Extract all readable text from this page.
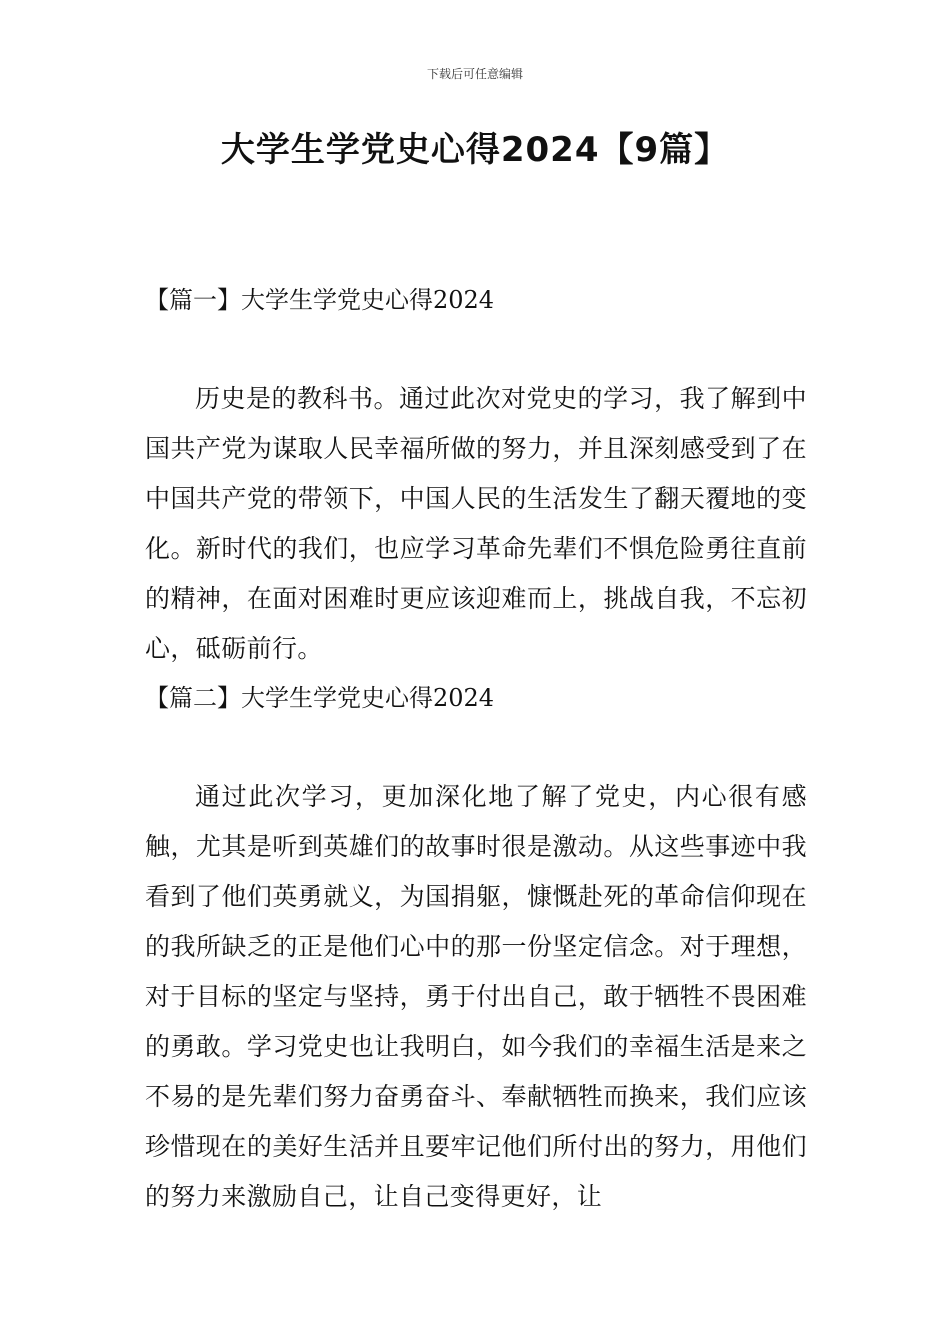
下载后可任意编辑
大学生学党史心得2024【9篇】
【篇一】大学生学党史心得2024

历史是的教科书。通过此次对党史的学习，我了解到中国共产党为谋取人民幸福所做的努力，并且深刻感受到了在中国共产党的带领下，中国人民的生活发生了翻天覆地的变化。新时代的我们，也应学习革命先辈们不惧危险勇往直前的精神，在面对困难时更应该迎难而上，挑战自我，不忘初心，砥砺前行。

【篇二】大学生学党史心得2024

通过此次学习，更加深化地了解了党史，内心很有感触，尤其是听到英雄们的故事时很是激动。从这些事迹中我看到了他们英勇就义，为国捐躯，慷慨赴死的革命信仰现在的我所缺乏的正是他们心中的那一份坚定信念。对于理想，对于目标的坚定与坚持，勇于付出自己，敢于牺牲不畏困难的勇敢。学习党史也让我明白，如今我们的幸福生活是来之不易的是先辈们努力奋勇奋斗、奉献牺牲而换来，我们应该珍惜现在的美好生活并且要牢记他们所付出的努力，用他们的努力来激励自己，让自己变得更好，让
